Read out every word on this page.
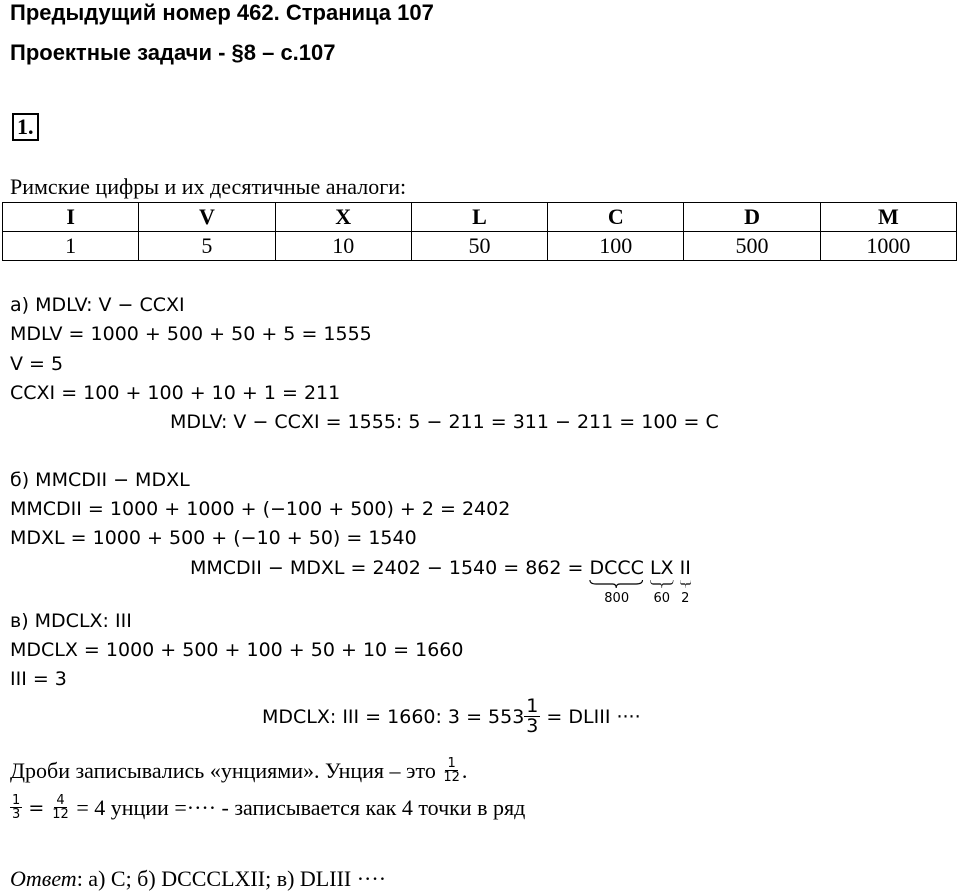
Предыдущий номер 462. Страница 107
Проектные задачи - §8 – с.107
1.
Римские цифры и их десятичные аналоги:
I	V	X	L	C	D	M
1	5	10	50	100	500	1000
а) MDLV: V − CCXI
MDLV = 1000 + 500 + 50 + 5 = 1555
V = 5
CCXI = 100 + 100 + 10 + 1 = 211
MDLV: V − CCXI = 1555: 5 − 211 = 311 − 211 = 100 = C
б) MMCDII − MDXL
MMCDII = 1000 + 1000 + (−100 + 500) + 2 = 2402
MDXL = 1000 + 500 + (−10 + 50) = 1540
MMCDII − MDXL = 2402 − 1540 = 862 = DCCC
800
LX
60
II
2
в) MDCLX: III
MDCLX = 1000 + 500 + 100 + 50 + 10 = 1660
III = 3
MDCLX: III = 1660: $3 = 553 \frac{1}{3}$ = DLIII ····
Дроби записывались «унциями». Унция – это $\frac{1}{12}$ .
$\frac{1}{3} = \frac{4}{12} = 4$ унции =···· - записывается как 4 точки в ряд
Ответ: а) C; б) DCCCLXII; в) DLIII ····
